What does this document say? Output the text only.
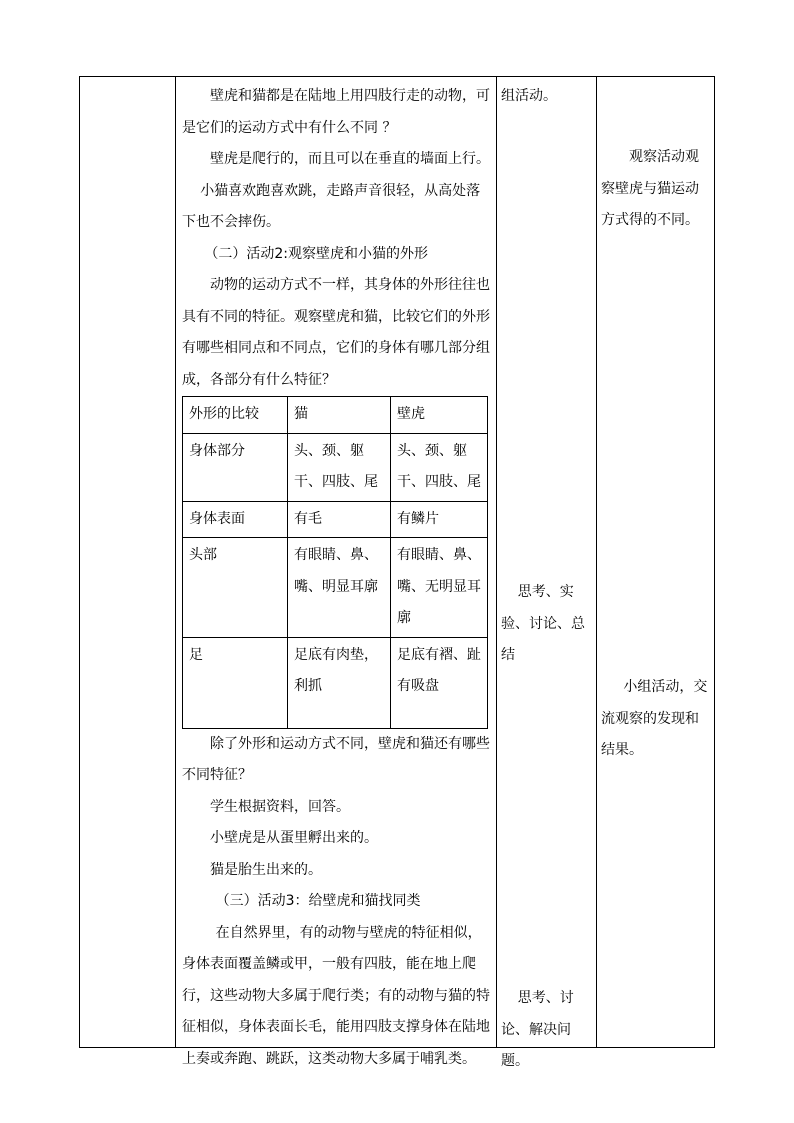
壁虎和猫都是在陆地上用四肢行走的动物，可是它们的运动方式中有什么不同 ？

壁虎是爬行的，而且可以在垂直的墙面上行。

小猫喜欢跑喜欢跳，走路声音很轻，从高处落下也不会摔伤。

（二）活动2:观察壁虎和小猫的外形

动物的运动方式不一样，其身体的外形往往也具有不同的特征。观察壁虎和猫，比较它们的外形有哪些相同点和不同点，它们的身体有哪几部分组成，各部分有什么特征？

外形的比较	猫	壁虎
身体部分	头、颈、躯干、四肢、尾	头、颈、躯干、四肢、尾
身体表面	有毛	有鳞片
头部	有眼睛、鼻、嘴、明显耳廓	有眼睛、鼻、嘴、无明显耳廓
足	足底有肉垫，利抓	足底有褶、趾有吸盘

除了外形和运动方式不同，壁虎和猫还有哪些不同特征？

学生根据资料，回答。

小壁虎是从蛋里孵出来的。

猫是胎生出来的。

（三）活动3：给壁虎和猫找同类

在自然界里，有的动物与壁虎的特征相似，身体表面覆盖鳞或甲，一般有四肢，能在地上爬行，这些动物大多属于爬行类；有的动物与猫的特征相似，身体表面长毛，能用四肢支撑身体在陆地上奏或奔跑、跳跃，这类动物大多属于哺乳类。

组活动。
思考、实验、讨论、总结
思考、讨论、解决问题。
观察活动观察壁虎与猫运动方式得的不同。
小组活动，交流观察的发现和结果。
